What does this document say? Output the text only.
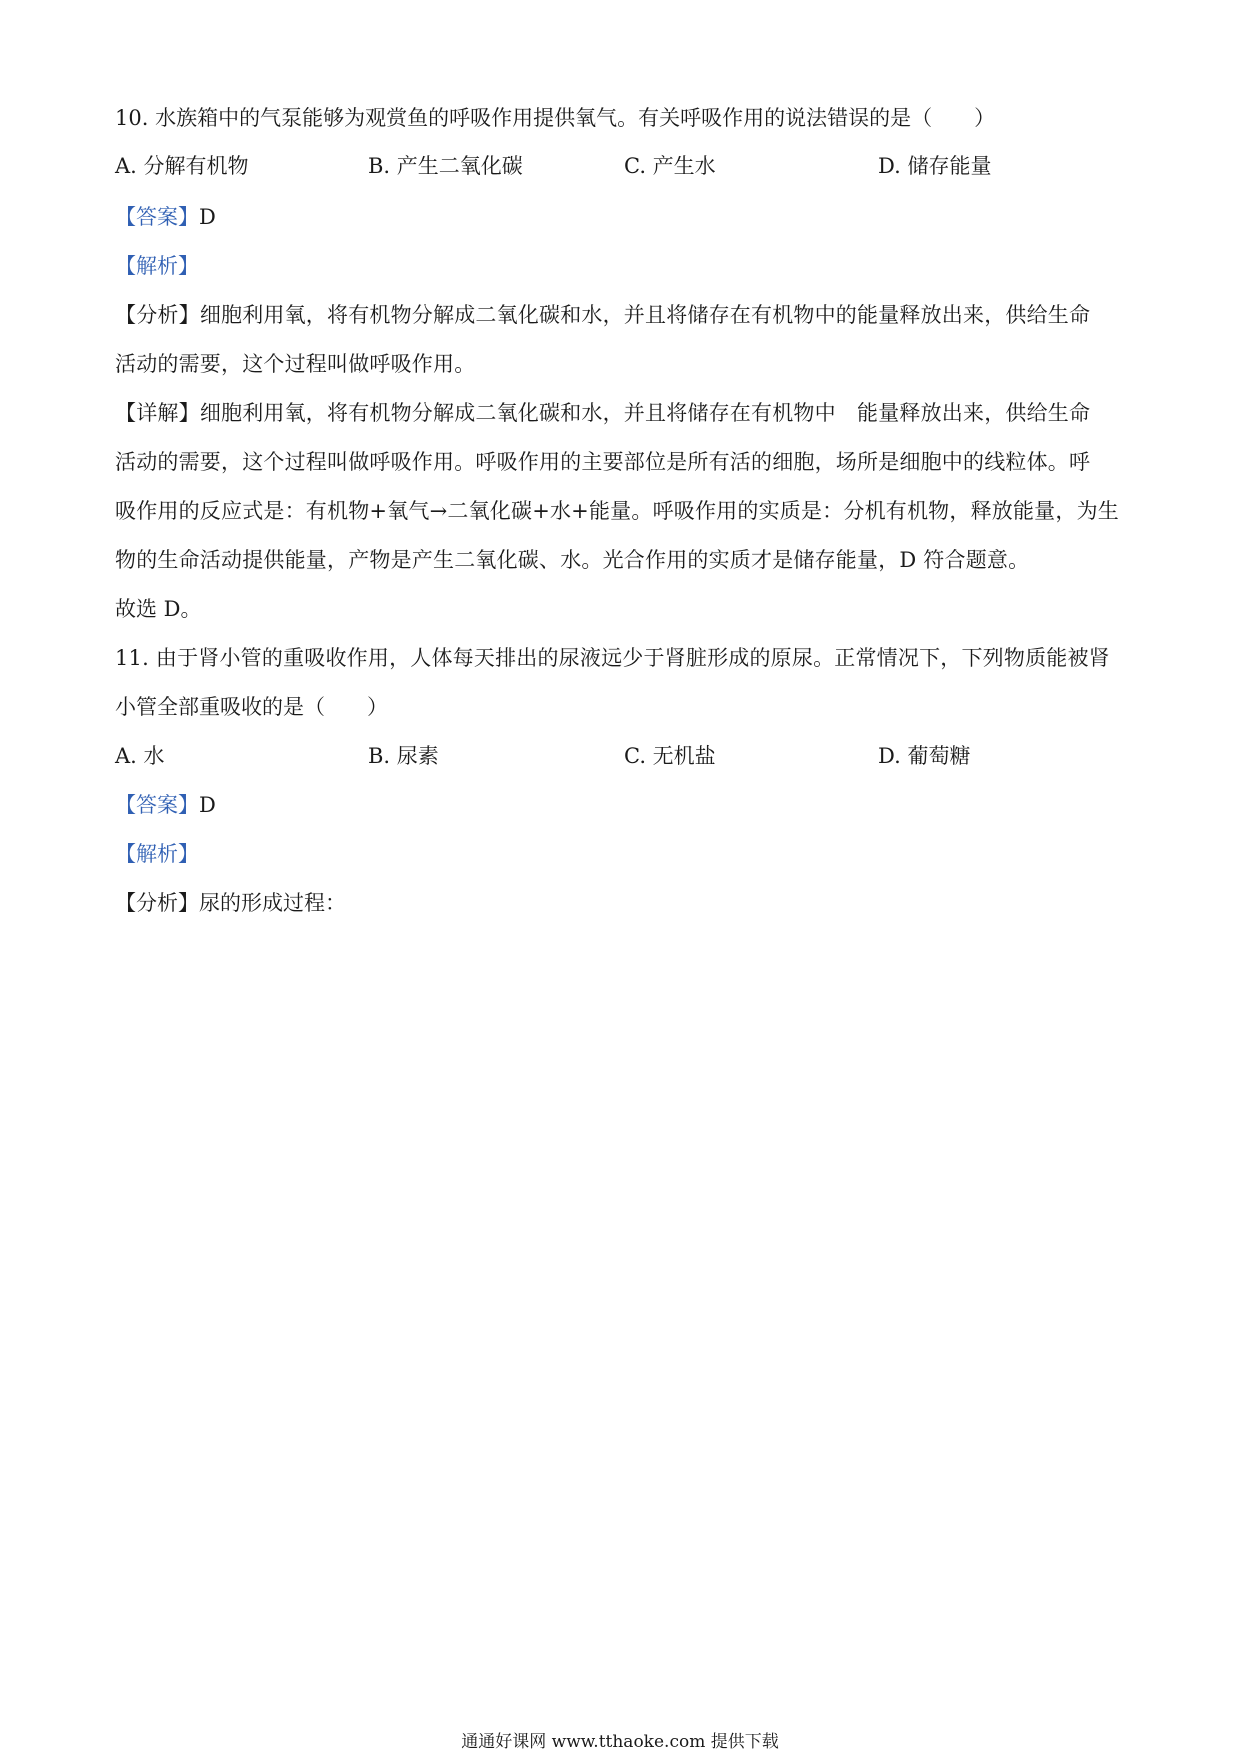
10. 水族箱中的气泵能够为观赏鱼的呼吸作用提供氧气。有关呼吸作用的说法错误的是（　　）
A. 分解有机物	B. 产生二氧化碳	C. 产生水	D. 储存能量
【答案】D
【解析】
【分析】细胞利用氧，将有机物分解成二氧化碳和水，并且将储存在有机物中的能量释放出来，供给生命
活动的需要，这个过程叫做呼吸作用。
【详解】细胞利用氧，将有机物分解成二氧化碳和水，并且将储存在有机物中　能量释放出来，供给生命
活动的需要，这个过程叫做呼吸作用。呼吸作用的主要部位是所有活的细胞，场所是细胞中的线粒体。呼
吸作用的反应式是：有机物+氧气→二氧化碳+水+能量。呼吸作用的实质是：分机有机物，释放能量，为生
物的生命活动提供能量，产物是产生二氧化碳、水。光合作用的实质才是储存能量，D 符合题意。
故选 D。
11. 由于肾小管的重吸收作用，人体每天排出的尿液远少于肾脏形成的原尿。正常情况下，下列物质能被肾
小管全部重吸收的是（　　）
A. 水	B. 尿素	C. 无机盐	D. 葡萄糖
【答案】D
【解析】
【分析】尿的形成过程：
通通好课网 www.tthaoke.com 提供下载
